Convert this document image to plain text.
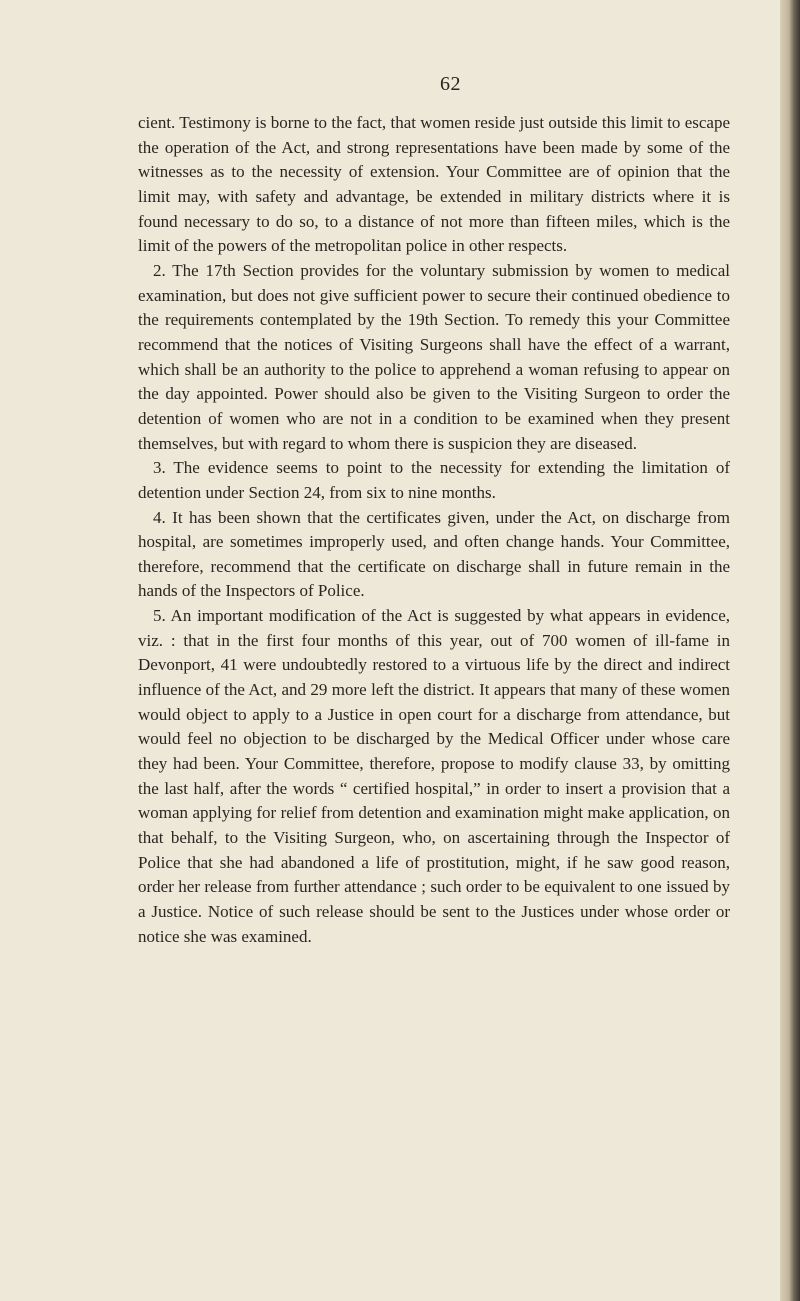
62

cient. Testimony is borne to the fact, that women reside just outside this limit to escape the operation of the Act, and strong representations have been made by some of the witnesses as to the necessity of extension. Your Committee are of opinion that the limit may, with safety and advantage, be extended in military districts where it is found necessary to do so, to a distance of not more than fifteen miles, which is the limit of the powers of the metropolitan police in other respects.

2. The 17th Section provides for the voluntary submission by women to medical examination, but does not give sufficient power to secure their continued obedience to the requirements contemplated by the 19th Section. To remedy this your Committee recommend that the notices of Visiting Surgeons shall have the effect of a warrant, which shall be an authority to the police to apprehend a woman refusing to appear on the day appointed. Power should also be given to the Visiting Surgeon to order the detention of women who are not in a condition to be examined when they present themselves, but with regard to whom there is suspicion they are diseased.

3. The evidence seems to point to the necessity for extending the limitation of detention under Section 24, from six to nine months.

4. It has been shown that the certificates given, under the Act, on discharge from hospital, are sometimes improperly used, and often change hands. Your Committee, therefore, recommend that the certificate on discharge shall in future remain in the hands of the Inspectors of Police.

5. An important modification of the Act is suggested by what appears in evidence, viz. : that in the first four months of this year, out of 700 women of ill-fame in Devonport, 41 were undoubtedly restored to a virtuous life by the direct and indirect influence of the Act, and 29 more left the district. It appears that many of these women would object to apply to a Justice in open court for a discharge from attendance, but would feel no objection to be discharged by the Medical Officer under whose care they had been. Your Committee, therefore, propose to modify clause 33, by omitting the last half, after the words “ certified hospital,” in order to insert a provision that a woman applying for relief from detention and examination might make application, on that behalf, to the Visiting Surgeon, who, on ascertaining through the Inspector of Police that she had abandoned a life of prostitution, might, if he saw good reason, order her release from further attendance ; such order to be equivalent to one issued by a Justice. Notice of such release should be sent to the Justices under whose order or notice she was examined.
